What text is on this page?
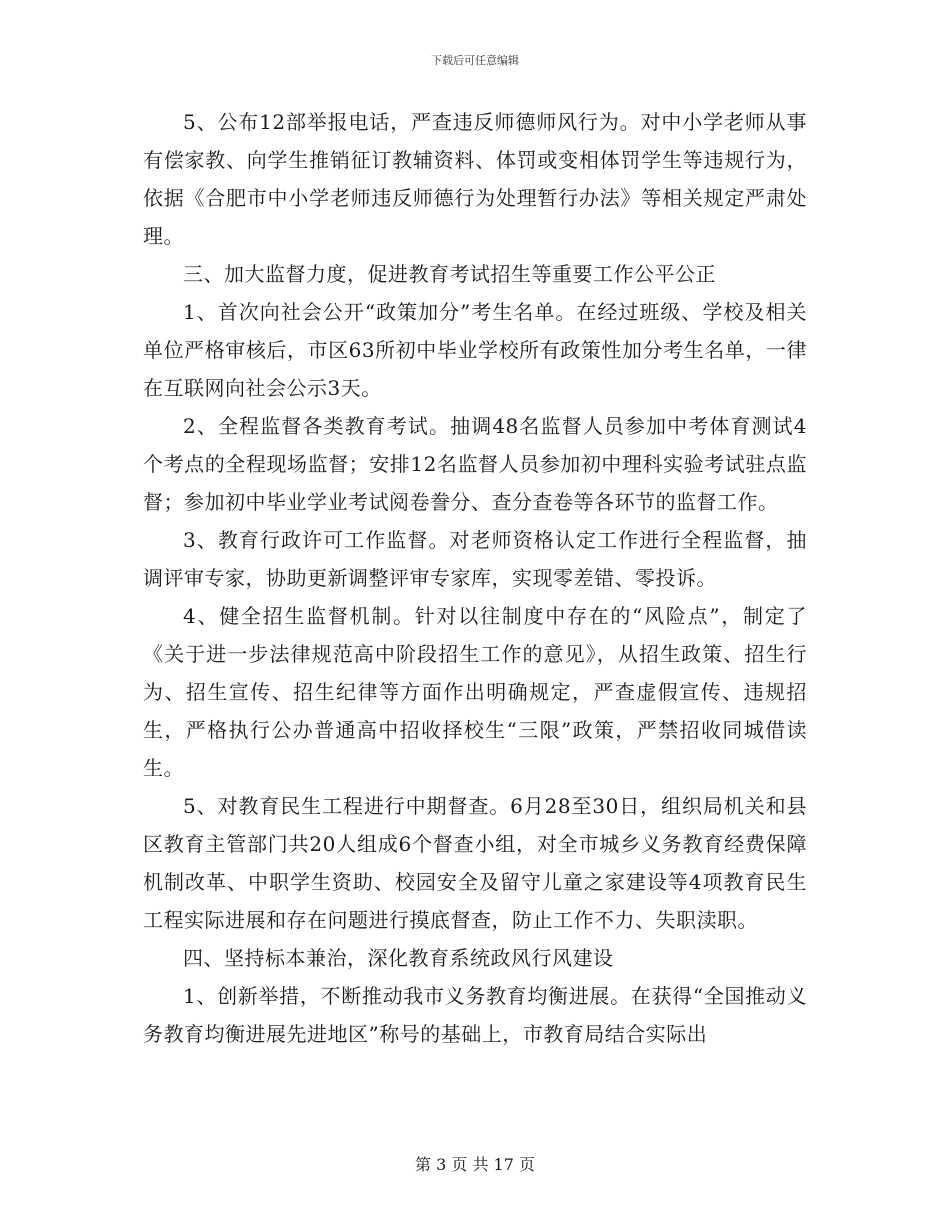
下载后可任意编辑

5、公布12部举报电话，严查违反师德师风行为。对中小学老师从事有偿家教、向学生推销征订教辅资料、体罚或变相体罚学生等违规行为，依据《合肥市中小学老师违反师德行为处理暂行办法》等相关规定严肃处理。

三、加大监督力度，促进教育考试招生等重要工作公平公正

1、首次向社会公开“政策加分”考生名单。在经过班级、学校及相关单位严格审核后，市区63所初中毕业学校所有政策性加分考生名单，一律在互联网向社会公示3天。

2、全程监督各类教育考试。抽调48名监督人员参加中考体育测试4个考点的全程现场监督；安排12名监督人员参加初中理科实验考试驻点监督；参加初中毕业学业考试阅卷誊分、查分查卷等各环节的监督工作。

3、教育行政许可工作监督。对老师资格认定工作进行全程监督，抽调评审专家，协助更新调整评审专家库，实现零差错、零投诉。

4、健全招生监督机制。针对以往制度中存在的“风险点”，制定了《关于进一步法律规范高中阶段招生工作的意见》，从招生政策、招生行为、招生宣传、招生纪律等方面作出明确规定，严查虚假宣传、违规招生，严格执行公办普通高中招收择校生“三限”政策，严禁招收同城借读生。

5、对教育民生工程进行中期督查。6月28至30日，组织局机关和县区教育主管部门共20人组成6个督查小组，对全市城乡义务教育经费保障机制改革、中职学生资助、校园安全及留守儿童之家建设等4项教育民生工程实际进展和存在问题进行摸底督查，防止工作不力、失职渎职。

四、坚持标本兼治，深化教育系统政风行风建设

1、创新举措，不断推动我市义务教育均衡进展。在获得“全国推动义务教育均衡进展先进地区”称号的基础上，市教育局结合实际出

第 3 页 共 17 页
